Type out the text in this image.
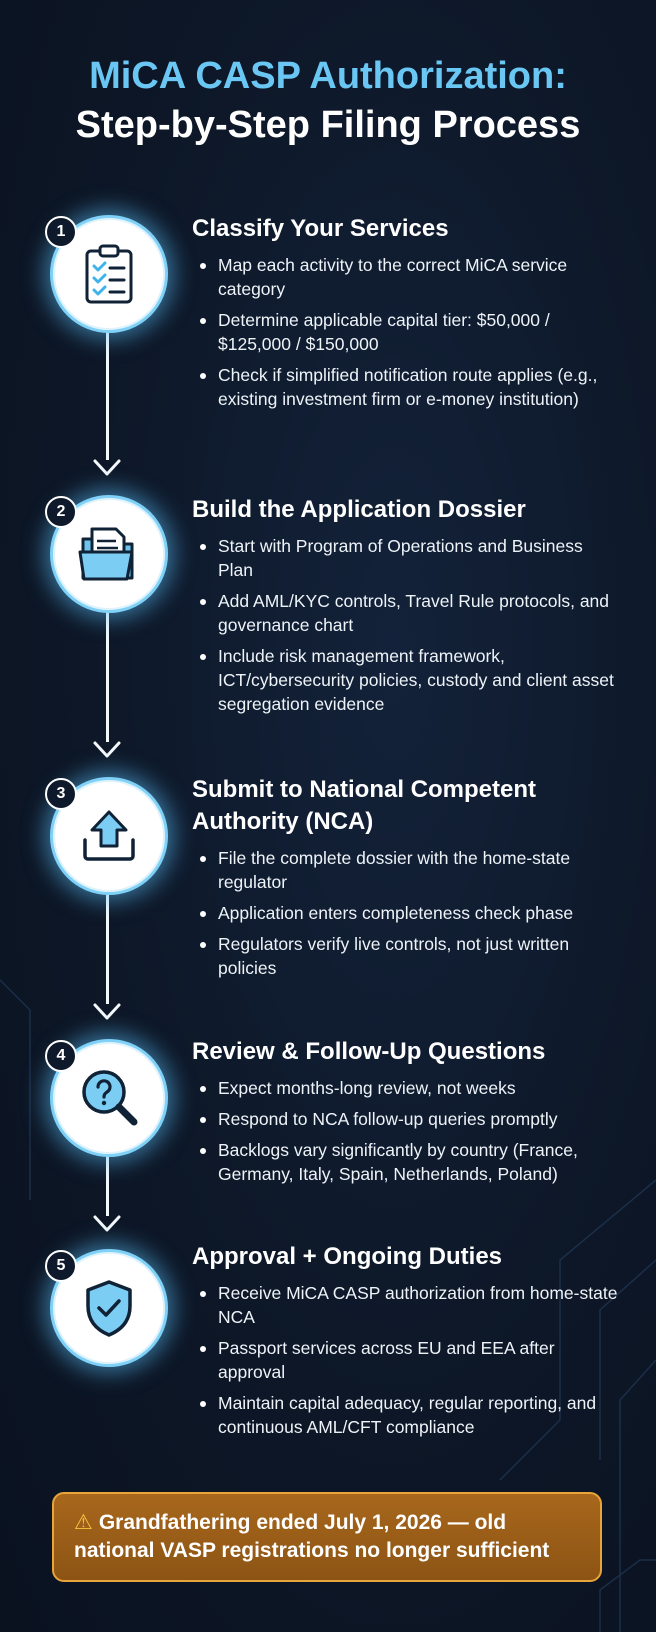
MiCA CASP Authorization:
Step-by-Step Filing Process
1	Classify Your Services
Map each activity to the correct MiCA service category
Determine applicable capital tier: $50,000 / $125,000 / $150,000
Check if simplified notification route applies (e.g., existing investment firm or e-money institution)
2	Build the Application Dossier
Start with Program of Operations and Business Plan
Add AML/KYC controls, Travel Rule protocols, and governance chart
Include risk management framework, ICT/cybersecurity policies, custody and client asset segregation evidence
3	Submit to National Competent Authority (NCA)
File the complete dossier with the home-state regulator
Application enters completeness check phase
Regulators verify live controls, not just written policies
4	Review & Follow-Up Questions
Expect months-long review, not weeks
Respond to NCA follow-up queries promptly
Backlogs vary significantly by country (France, Germany, Italy, Spain, Netherlands, Poland)
5	Approval + Ongoing Duties
Receive MiCA CASP authorization from home-state NCA
Passport services across EU and EEA after approval
Maintain capital adequacy, regular reporting, and continuous AML/CFT compliance
⚠ Grandfathering ended July 1, 2026 — old
national VASP registrations no longer sufficient
